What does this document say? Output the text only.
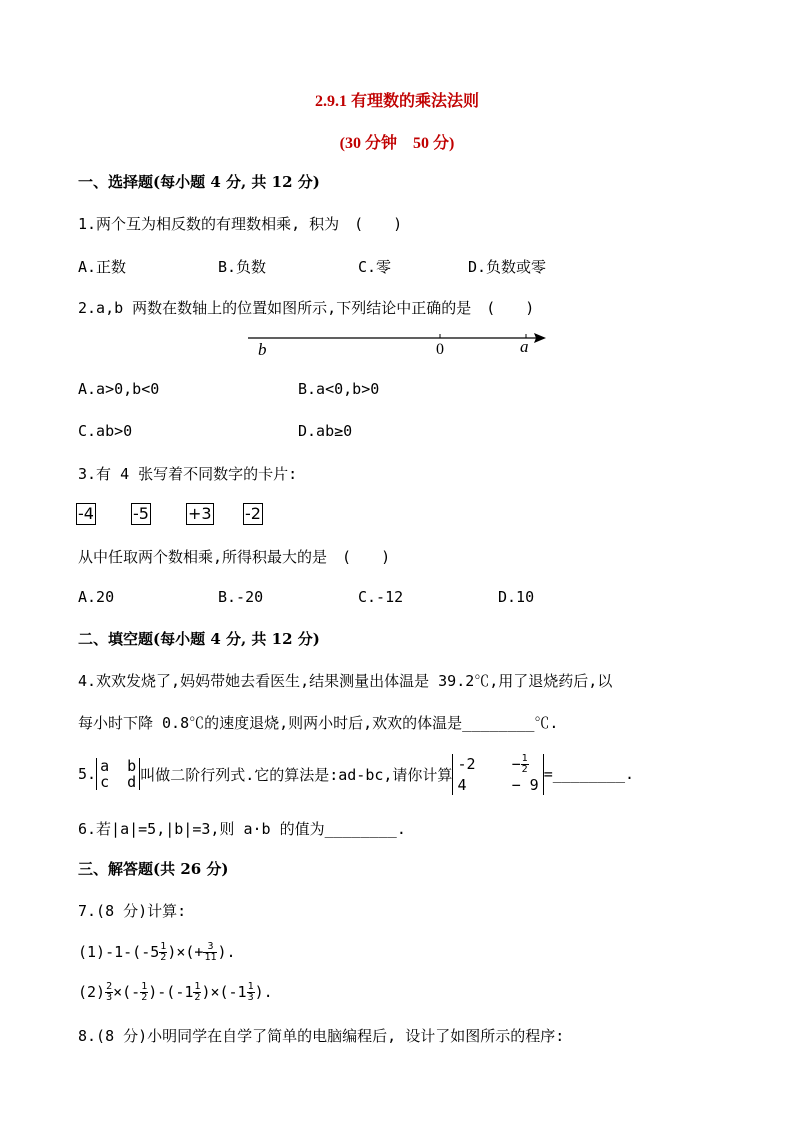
2.9.1 有理数的乘法法则
(30 分钟　50 分)
一、选择题(每小题 4 分, 共 12 分)
1.两个互为相反数的有理数相乘, 积为　(　　)
A.正数	B.负数	C.零	D.负数或零
2.a,b 两数在数轴上的位置如图所示,下列结论中正确的是　(　　)
b	0	a
A.a>0,b<0	B.a<0,b>0
C.ab>0	D.ab≥0
3.有 4 张写着不同数字的卡片:
-4 -5 +3 -2
从中任取两个数相乘,所得积最大的是　(　　)
A.20	B.-20	C.-12	D.10
二、填空题(每小题 4 分, 共 12 分)
4.欢欢发烧了,妈妈带她去看医生,结果测量出体温是 39.2℃,用了退烧药后,以
每小时下降 0.8℃的速度退烧,则两小时后,欢欢的体温是________℃.
5. a b
c d 叫做二阶行列式.它的算法是:ad-bc,请你计算
$-2 - \frac{1}{2}$
4	− 9
=________.
6.若|a|=5,|b|=3,则 a·b 的值为________.
三、解答题(共 26 分)
7.(8 分)计算:
$(1)-1-(-5 \frac{1}{2}$ )×(+ $\frac{3}{11}$ ).
$(2) \frac{2}{3}$ ×(- $\frac{1}{2} )-(-1 \frac{1}{2} )\times(-1 \frac{1}{3}$ ).
8.(8 分)小明同学在自学了简单的电脑编程后, 设计了如图所示的程序:
